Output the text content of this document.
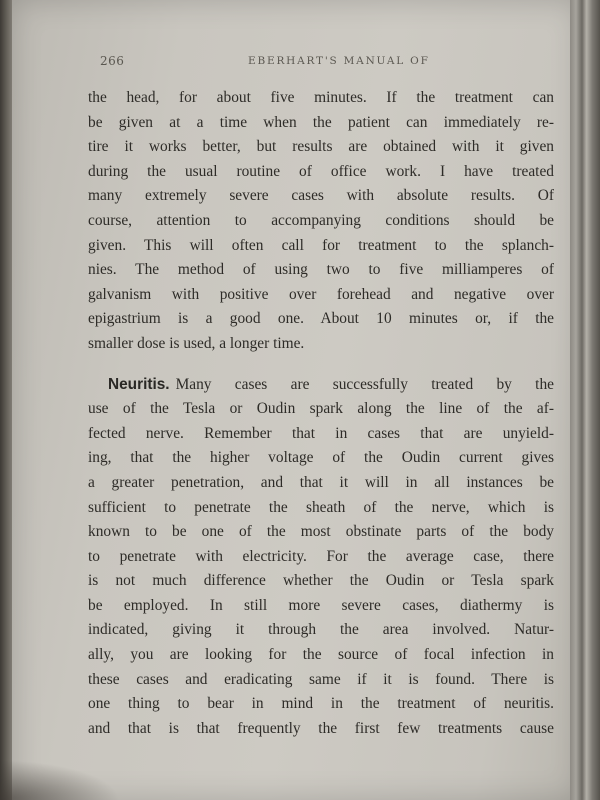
266	EBERHART'S MANUAL OF
the head, for about five minutes. If the treatment can
be given at a time when the patient can immediately re-
tire it works better, but results are obtained with it given
during the usual routine of office work. I have treated
many extremely severe cases with absolute results. Of
course, attention to accompanying conditions should be
given. This will often call for treatment to the splanch-
nies. The method of using two to five milliamperes of
galvanism with positive over forehead and negative over
epigastrium is a good one. About 10 minutes or, if the
smaller dose is used, a longer time.
Neuritis. Many cases are successfully treated by the
use of the Tesla or Oudin spark along the line of the af-
fected nerve. Remember that in cases that are unyield-
ing, that the higher voltage of the Oudin current gives
a greater penetration, and that it will in all instances be
sufficient to penetrate the sheath of the nerve, which is
known to be one of the most obstinate parts of the body
to penetrate with electricity. For the average case, there
is not much difference whether the Oudin or Tesla spark
be employed. In still more severe cases, diathermy is
indicated, giving it through the area involved. Natur-
ally, you are looking for the source of focal infection in
these cases and eradicating same if it is found. There is
one thing to bear in mind in the treatment of neuritis.
and that is that frequently the first few treatments cause
